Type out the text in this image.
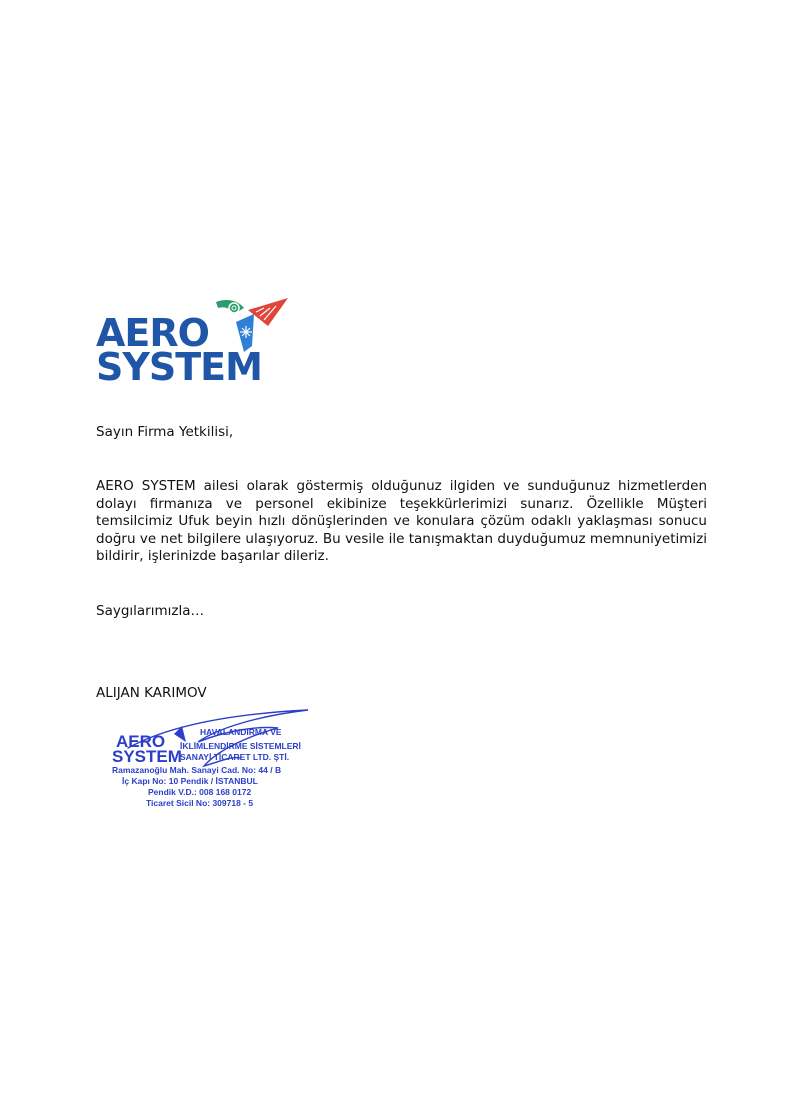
AERO
SYSTEM
Sayın Firma Yetkilisi,
AERO SYSTEM ailesi olarak göstermiş olduğunuz ilgiden ve sunduğunuz hizmetlerden dolayı firmanıza ve personel ekibinize teşekkürlerimizi sunarız. Özellikle Müşteri temsilcimiz Ufuk beyin hızlı dönüşlerinden ve konulara çözüm odaklı yaklaşması sonucu doğru ve net bilgilere ulaşıyoruz. Bu vesile ile tanışmaktan duyduğumuz memnuniyetimizi bildirir, işlerinizde başarılar dileriz.
Saygılarımızla…
ALIJAN KARIMOV
AERO
SYSTEM
HAVALANDIRMA VE
İKLİMLENDİRME SİSTEMLERİ
SANAYİ TİCARET LTD. ŞTİ.
Ramazanoğlu Mah. Sanayi Cad. No: 44 / B
İç Kapı No: 10 Pendik / İSTANBUL
Pendik V.D.: 008 168 0172
Ticaret Sicil No: 309718 - 5
